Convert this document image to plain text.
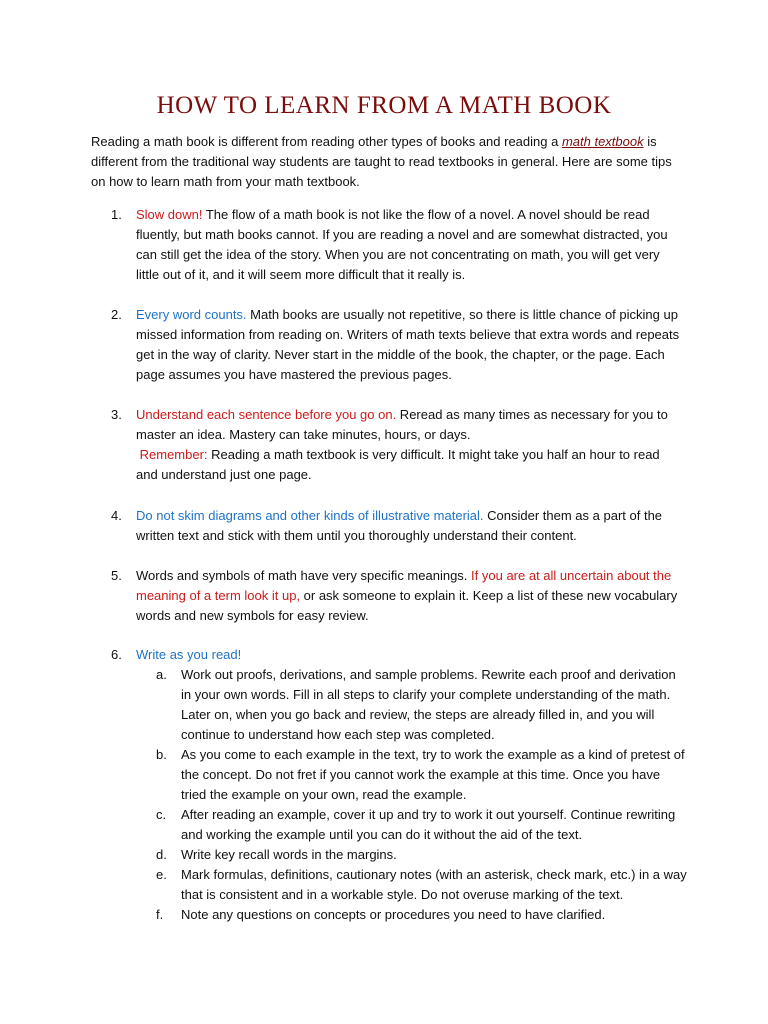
HOW TO LEARN FROM A MATH BOOK
Reading a math book is different from reading other types of books and reading a math textbook is different from the traditional way students are taught to read textbooks in general. Here are some tips on how to learn math from your math textbook.
1. Slow down! The flow of a math book is not like the flow of a novel. A novel should be read fluently, but math books cannot. If you are reading a novel and are somewhat distracted, you can still get the idea of the story. When you are not concentrating on math, you will get very little out of it, and it will seem more difficult that it really is.
2. Every word counts. Math books are usually not repetitive, so there is little chance of picking up missed information from reading on. Writers of math texts believe that extra words and repeats get in the way of clarity. Never start in the middle of the book, the chapter, or the page. Each page assumes you have mastered the previous pages.
3. Understand each sentence before you go on. Reread as many times as necessary for you to master an idea. Mastery can take minutes, hours, or days.
Remember: Reading a math textbook is very difficult. It might take you half an hour to read and understand just one page.
4. Do not skim diagrams and other kinds of illustrative material. Consider them as a part of the written text and stick with them until you thoroughly understand their content.
5. Words and symbols of math have very specific meanings. If you are at all uncertain about the meaning of a term look it up, or ask someone to explain it. Keep a list of these new vocabulary words and new symbols for easy review.
6. Write as you read!
a. Work out proofs, derivations, and sample problems. Rewrite each proof and derivation in your own words. Fill in all steps to clarify your complete understanding of the math. Later on, when you go back and review, the steps are already filled in, and you will continue to understand how each step was completed.
b. As you come to each example in the text, try to work the example as a kind of pretest of the concept. Do not fret if you cannot work the example at this time. Once you have tried the example on your own, read the example.
c. After reading an example, cover it up and try to work it out yourself. Continue rewriting and working the example until you can do it without the aid of the text.
d. Write key recall words in the margins.
e. Mark formulas, definitions, cautionary notes (with an asterisk, check mark, etc.) in a way that is consistent and in a workable style. Do not overuse marking of the text.
f. Note any questions on concepts or procedures you need to have clarified.
